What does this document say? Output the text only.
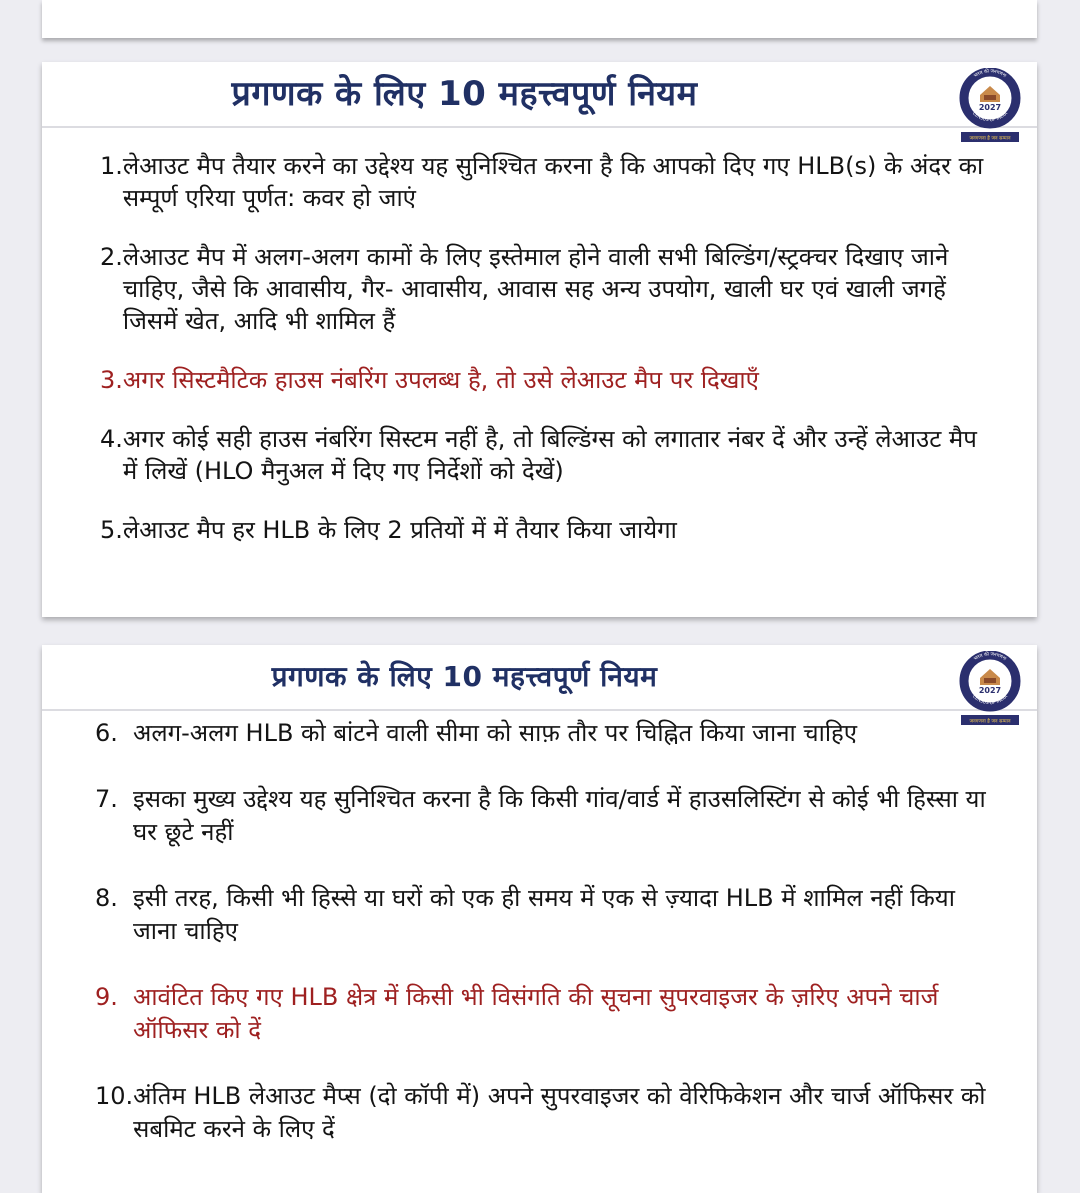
प्रगणक के लिए 10 महत्त्वपूर्ण नियम	2027
भारत की जनगणना
CENSUS OF INDIA
जनगणना है जन सम्मान
1. लेआउट मैप तैयार करने का उद्देश्य यह सुनिश्चित करना है कि आपको दिए गए HLB(s) के अंदर का सम्पूर्ण एरिया पूर्णत: कवर हो जाएं
2. लेआउट मैप में अलग-अलग कामों के लिए इस्तेमाल होने वाली सभी बिल्डिंग/स्ट्रक्चर दिखाए जाने चाहिए, जैसे कि आवासीय, गैर- आवासीय, आवास सह अन्य उपयोग, खाली घर एवं खाली जगहें जिसमें खेत, आदि भी शामिल हैं
3. अगर सिस्टमैटिक हाउस नंबरिंग उपलब्ध है, तो उसे लेआउट मैप पर दिखाएँ
4. अगर कोई सही हाउस नंबरिंग सिस्टम नहीं है, तो बिल्डिंग्स को लगातार नंबर दें और उन्हें लेआउट मैप में लिखें (HLO मैनुअल में दिए गए निर्देशों को देखें)
5. लेआउट मैप हर HLB के लिए 2 प्रतियों में में तैयार किया जायेगा
प्रगणक के लिए 10 महत्त्वपूर्ण नियम	2027
भारत की जनगणना
CENSUS OF INDIA
जनगणना है जन सम्मान
6. अलग-अलग HLB को बांटने वाली सीमा को साफ़ तौर पर चिह्नित किया जाना चाहिए
7. इसका मुख्य उद्देश्य यह सुनिश्चित करना है कि किसी गांव/वार्ड में हाउसलिस्टिंग से कोई भी हिस्सा या घर छूटे नहीं
8. इसी तरह, किसी भी हिस्से या घरों को एक ही समय में एक से ज़्यादा HLB में शामिल नहीं किया जाना चाहिए
9. आवंटित किए गए HLB क्षेत्र में किसी भी विसंगति की सूचना सुपरवाइजर के ज़रिए अपने चार्ज ऑफिसर को दें
10. अंतिम HLB लेआउट मैप्स (दो कॉपी में) अपने सुपरवाइजर को वेरिफिकेशन और चार्ज ऑफिसर को सबमिट करने के लिए दें
